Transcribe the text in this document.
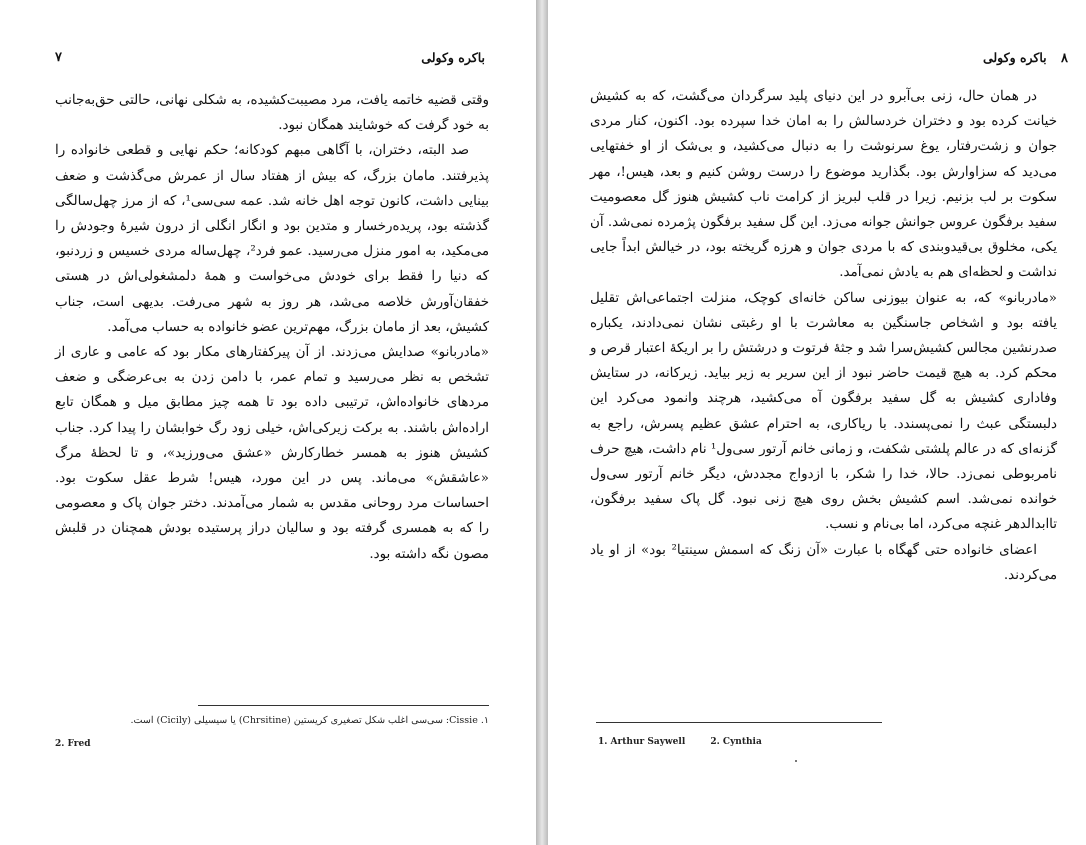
باکره وکولی
۷

وقتی قضیه خاتمه یافت، مرد مصیبت‌کشیده، به شکلی نهانی، حالتی حق‌به‌جانب به خود گرفت که خوشایند همگان نبود.

صد البته، دختران، با آگاهی مبهم کودکانه؛ حکم نهایی و قطعی خانواده را پذیرفتند. مامان بزرگ، که بیش از هفتاد سال از عمرش می‌گذشت و ضعف بینایی داشت، کانون توجه اهل خانه شد. عمه سی‌سی¹، که از مرز چهل‌سالگی گذشته بود، پریده‌رخسار و متدین بود و انگار انگلی از درون شیرهٔ وجودش را می‌مکید، به امور منزل می‌رسید. عمو فرد²، چهل‌ساله مردی خسیس و زردنبو، که دنیا را فقط برای خودش می‌خواست و همهٔ دلمشغولی‌اش در هستی خفقان‌آورش خلاصه می‌شد، هر روز به شهر می‌رفت. بدیهی است، جناب کشیش، بعد از مامان بزرگ، مهم‌ترین عضو خانواده به حساب می‌آمد.

«مادربانو» صدایش می‌زدند. از آن پیرکفتارهای مکار بود که عامی و عاری از تشخص به نظر می‌رسید و تمام عمر، با دامن زدن به بی‌عرضگی و ضعف مردهای خانواده‌اش، ترتیبی داده بود تا همه چیز مطابق میل و همگان تابع اراده‌اش باشند. به برکت زیرکی‌اش، خیلی زود رگ خوابشان را پیدا کرد. جناب کشیش هنوز به همسر خطارکارش «عشق می‌ورزید»، و تا لحظهٔ مرگ «عاشقش» می‌ماند. پس در این مورد، هیس! شرط عقل سکوت بود. احساسات مرد روحانی مقدس به شمار می‌آمدند. دختر جوان پاک و معصومی را که به همسری گرفته بود و سالیان دراز پرستیده بودش همچنان در قلبش مصون نگه داشته بود.

۱. Cissie: سی‌سی اغلب شکل تصغیری کریستین (Chrsitine) یا سیسیلی (Cicily) است.
2. Fred
۸ باکره وکولی

در همان حال، زنی بی‌آبرو در این دنیای پلید سرگردان می‌گشت، که به کشیش خیانت کرده بود و دختران خردسالش را به امان خدا سپرده بود. اکنون، کنار مردی جوان و زشت‌رفتار، یوغ سرنوشت را به دنبال می‌کشید، و بی‌شک از او خفتهایی می‌دید که سزاوارش بود. بگذارید موضوع را درست روشن کنیم و بعد، هیس!، مهر سکوت بر لب بزنیم. زیرا در قلب لبریز از کرامت ناب کشیش هنوز گل معصومیت سفید برفگون عروس جوانش جوانه می‌زد. این گل سفید برفگون پژمرده نمی‌شد. آن یکی، مخلوق بی‌قیدوبندی که با مردی جوان و هرزه گریخته بود، در خیالش ابداً جایی نداشت و لحظه‌ای هم به یادش نمی‌آمد.

«مادربانو» که، به عنوان بیوزنی ساکن خانه‌ای کوچک، منزلت اجتماعی‌اش تقلیل یافته بود و اشخاص جاسنگین به معاشرت با او رغبتی نشان نمی‌دادند، یکباره صدرنشین مجالس کشیش‌سرا شد و جثهٔ فرتوت و درشتش را بر اریکهٔ اعتبار قرص و محکم کرد. به هیچ قیمت حاضر نبود از این سریر به زیر بیاید. زیرکانه، در ستایش وفاداری کشیش به گل سفید برفگون آه می‌کشید، هرچند وانمود می‌کرد این دلبستگی عبث را نمی‌پسندد. با ریاکاری، به احترام عشق عظیم پسرش، راجع به گزنه‌ای که در عالم پلشتی شکفت، و زمانی خانم آرتور سی‌ول¹ نام داشت، هیچ حرف نامربوطی نمی‌زد. حالا، خدا را شکر، با ازدواج مجددش، دیگر خانم آرتور سی‌ول خوانده نمی‌شد. اسم کشیش بخش روی هیچ زنی نبود. گل پاک سفید برفگون، تاابدالدهر غنچه می‌کرد، اما بی‌نام و نسب.

اعضای خانواده حتی گهگاه با عبارت «آن زنگ که اسمش سینتیا² بود» از او یاد می‌کردند.

1. Arthur Saywell	2. Cynthia
